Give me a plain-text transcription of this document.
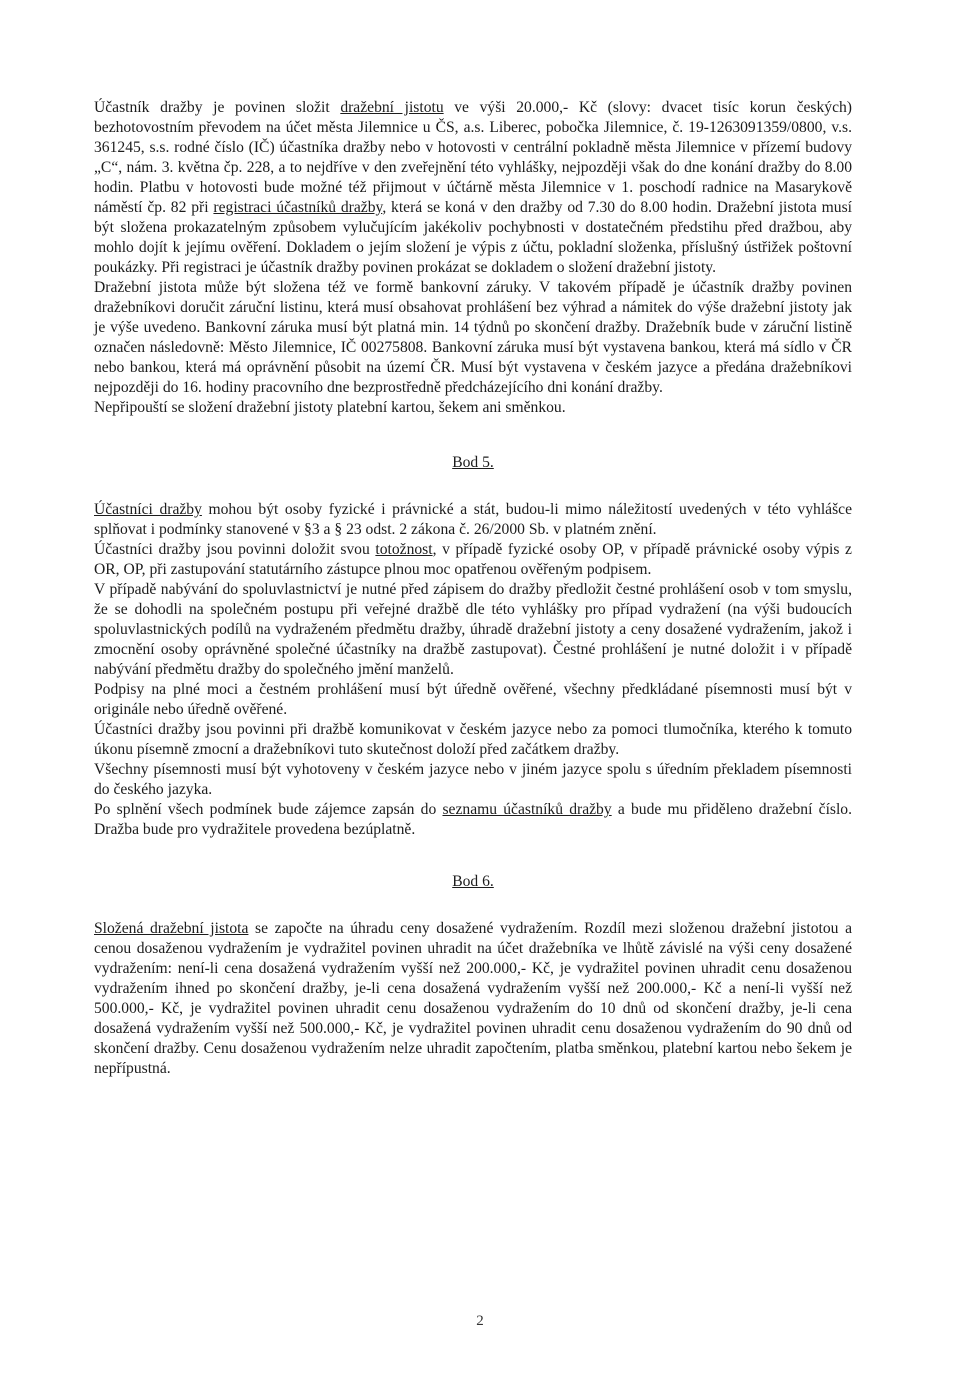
Účastník dražby je povinen složit dražební jistotu ve výši 20.000,- Kč (slovy: dvacet tisíc korun českých) bezhotovostním převodem na účet města Jilemnice u ČS, a.s. Liberec, pobočka Jilemnice, č. 19-1263091359/0800, v.s. 361245, s.s. rodné číslo (IČ) účastníka dražby nebo v hotovosti v centrální pokladně města Jilemnice v přízemí budovy „C“, nám. 3. května čp. 228, a to nejdříve v den zveřejnění této vyhlášky, nejpozději však do dne konání dražby do 8.00 hodin. Platbu v hotovosti bude možné též přijmout v účtárně města Jilemnice v 1. poschodí radnice na Masarykově náměstí čp. 82 při registraci účastníků dražby, která se koná v den dražby od 7.30 do 8.00 hodin. Dražební jistota musí být složena prokazatelným způsobem vylučujícím jakékoliv pochybnosti v dostatečném předstihu před dražbou, aby mohlo dojít k jejímu ověření. Dokladem o jejím složení je výpis z účtu, pokladní složenka, příslušný ústřižek poštovní poukázky. Při registraci je účastník dražby povinen prokázat se dokladem o složení dražební jistoty.

Dražební jistota může být složena též ve formě bankovní záruky. V takovém případě je účastník dražby povinen dražebníkovi doručit záruční listinu, která musí obsahovat prohlášení bez výhrad a námitek do výše dražební jistoty jak je výše uvedeno. Bankovní záruka musí být platná min. 14 týdnů po skončení dražby. Dražebník bude v záruční listině označen následovně: Město Jilemnice, IČ 00275808. Bankovní záruka musí být vystavena bankou, která má sídlo v ČR nebo bankou, která má oprávnění působit na území ČR. Musí být vystavena v českém jazyce a předána dražebníkovi nejpozději do 16. hodiny pracovního dne bezprostředně předcházejícího dni konání dražby.

Nepřipouští se složení dražební jistoty platební kartou, šekem ani směnkou.

Bod 5.

Účastníci dražby mohou být osoby fyzické i právnické a stát, budou-li mimo náležitostí uvedených v této vyhlášce splňovat i podmínky stanovené v §3 a § 23 odst. 2 zákona č. 26/2000 Sb. v platném znění.

Účastníci dražby jsou povinni doložit svou totožnost, v případě fyzické osoby OP, v případě právnické osoby výpis z OR, OP, při zastupování statutárního zástupce plnou moc opatřenou ověřeným podpisem.

V případě nabývání do spoluvlastnictví je nutné před zápisem do dražby předložit čestné prohlášení osob v tom smyslu, že se dohodli na společném postupu při veřejné dražbě dle této vyhlášky pro případ vydražení (na výši budoucích spoluvlastnických podílů na vydraženém předmětu dražby, úhradě dražební jistoty a ceny dosažené vydražením, jakož i zmocnění osoby oprávněné společné účastníky na dražbě zastupovat). Čestné prohlášení je nutné doložit i v případě nabývání předmětu dražby do společného jmění manželů.

Podpisy na plné moci a čestném prohlášení musí být úředně ověřené, všechny předkládané písemnosti musí být v originále nebo úředně ověřené.

Účastníci dražby jsou povinni při dražbě komunikovat v českém jazyce nebo za pomoci tlumočníka, kterého k tomuto úkonu písemně zmocní a dražebníkovi tuto skutečnost doloží před začátkem dražby.

Všechny písemnosti musí být vyhotoveny v českém jazyce nebo v jiném jazyce spolu s úředním překladem písemnosti do českého jazyka.

Po splnění všech podmínek bude zájemce zapsán do seznamu účastníků dražby a bude mu přiděleno dražební číslo. Dražba bude pro vydražitele provedena bezúplatně.

Bod 6.

Složená dražební jistota se započte na úhradu ceny dosažené vydražením. Rozdíl mezi složenou dražební jistotou a cenou dosaženou vydražením je vydražitel povinen uhradit na účet dražebníka ve lhůtě závislé na výši ceny dosažené vydražením: není-li cena dosažená vydražením vyšší než 200.000,- Kč, je vydražitel povinen uhradit cenu dosaženou vydražením ihned po skončení dražby, je-li cena dosažená vydražením vyšší než 200.000,- Kč a není-li vyšší než 500.000,- Kč, je vydražitel povinen uhradit cenu dosaženou vydražením do 10 dnů od skončení dražby, je-li cena dosažená vydražením vyšší než 500.000,- Kč, je vydražitel povinen uhradit cenu dosaženou vydražením do 90 dnů od skončení dražby. Cenu dosaženou vydražením nelze uhradit započtením, platba směnkou, platební kartou nebo šekem je nepřípustná.

2
